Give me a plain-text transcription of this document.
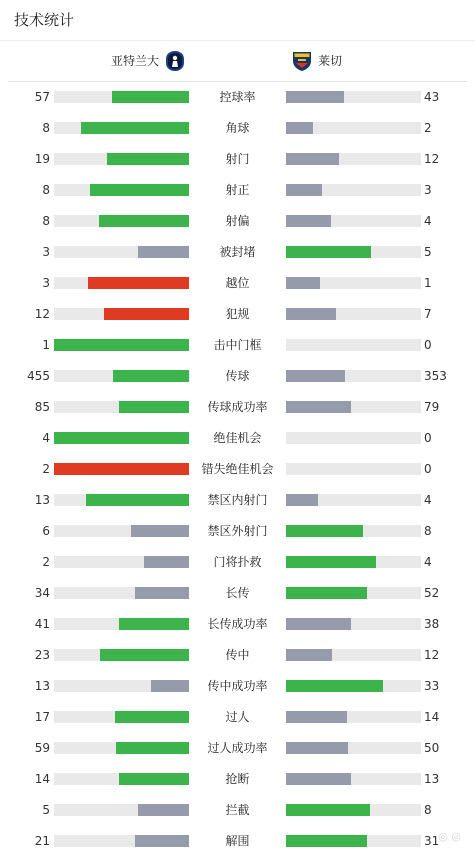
技术统计
亚特兰大	莱切
57	控球率	43
8	角球	2
19	射门	12
8	射正	3
8	射偏	4
3	被封堵	5
3	越位	1
12	犯规	7
1	击中门框	0
455	传球	353
85	传球成功率	79
4	绝佳机会	0
2	错失绝佳机会	0
13	禁区内射门	4
6	禁区外射门	8
2	门将扑救	4
34	长传	52
41	长传成功率	38
23	传中	12
13	传中成功率	33
17	过人	14
59	过人成功率	50
14	抢断	13
5	拦截	8
21	解围	31 ◎ ◎
